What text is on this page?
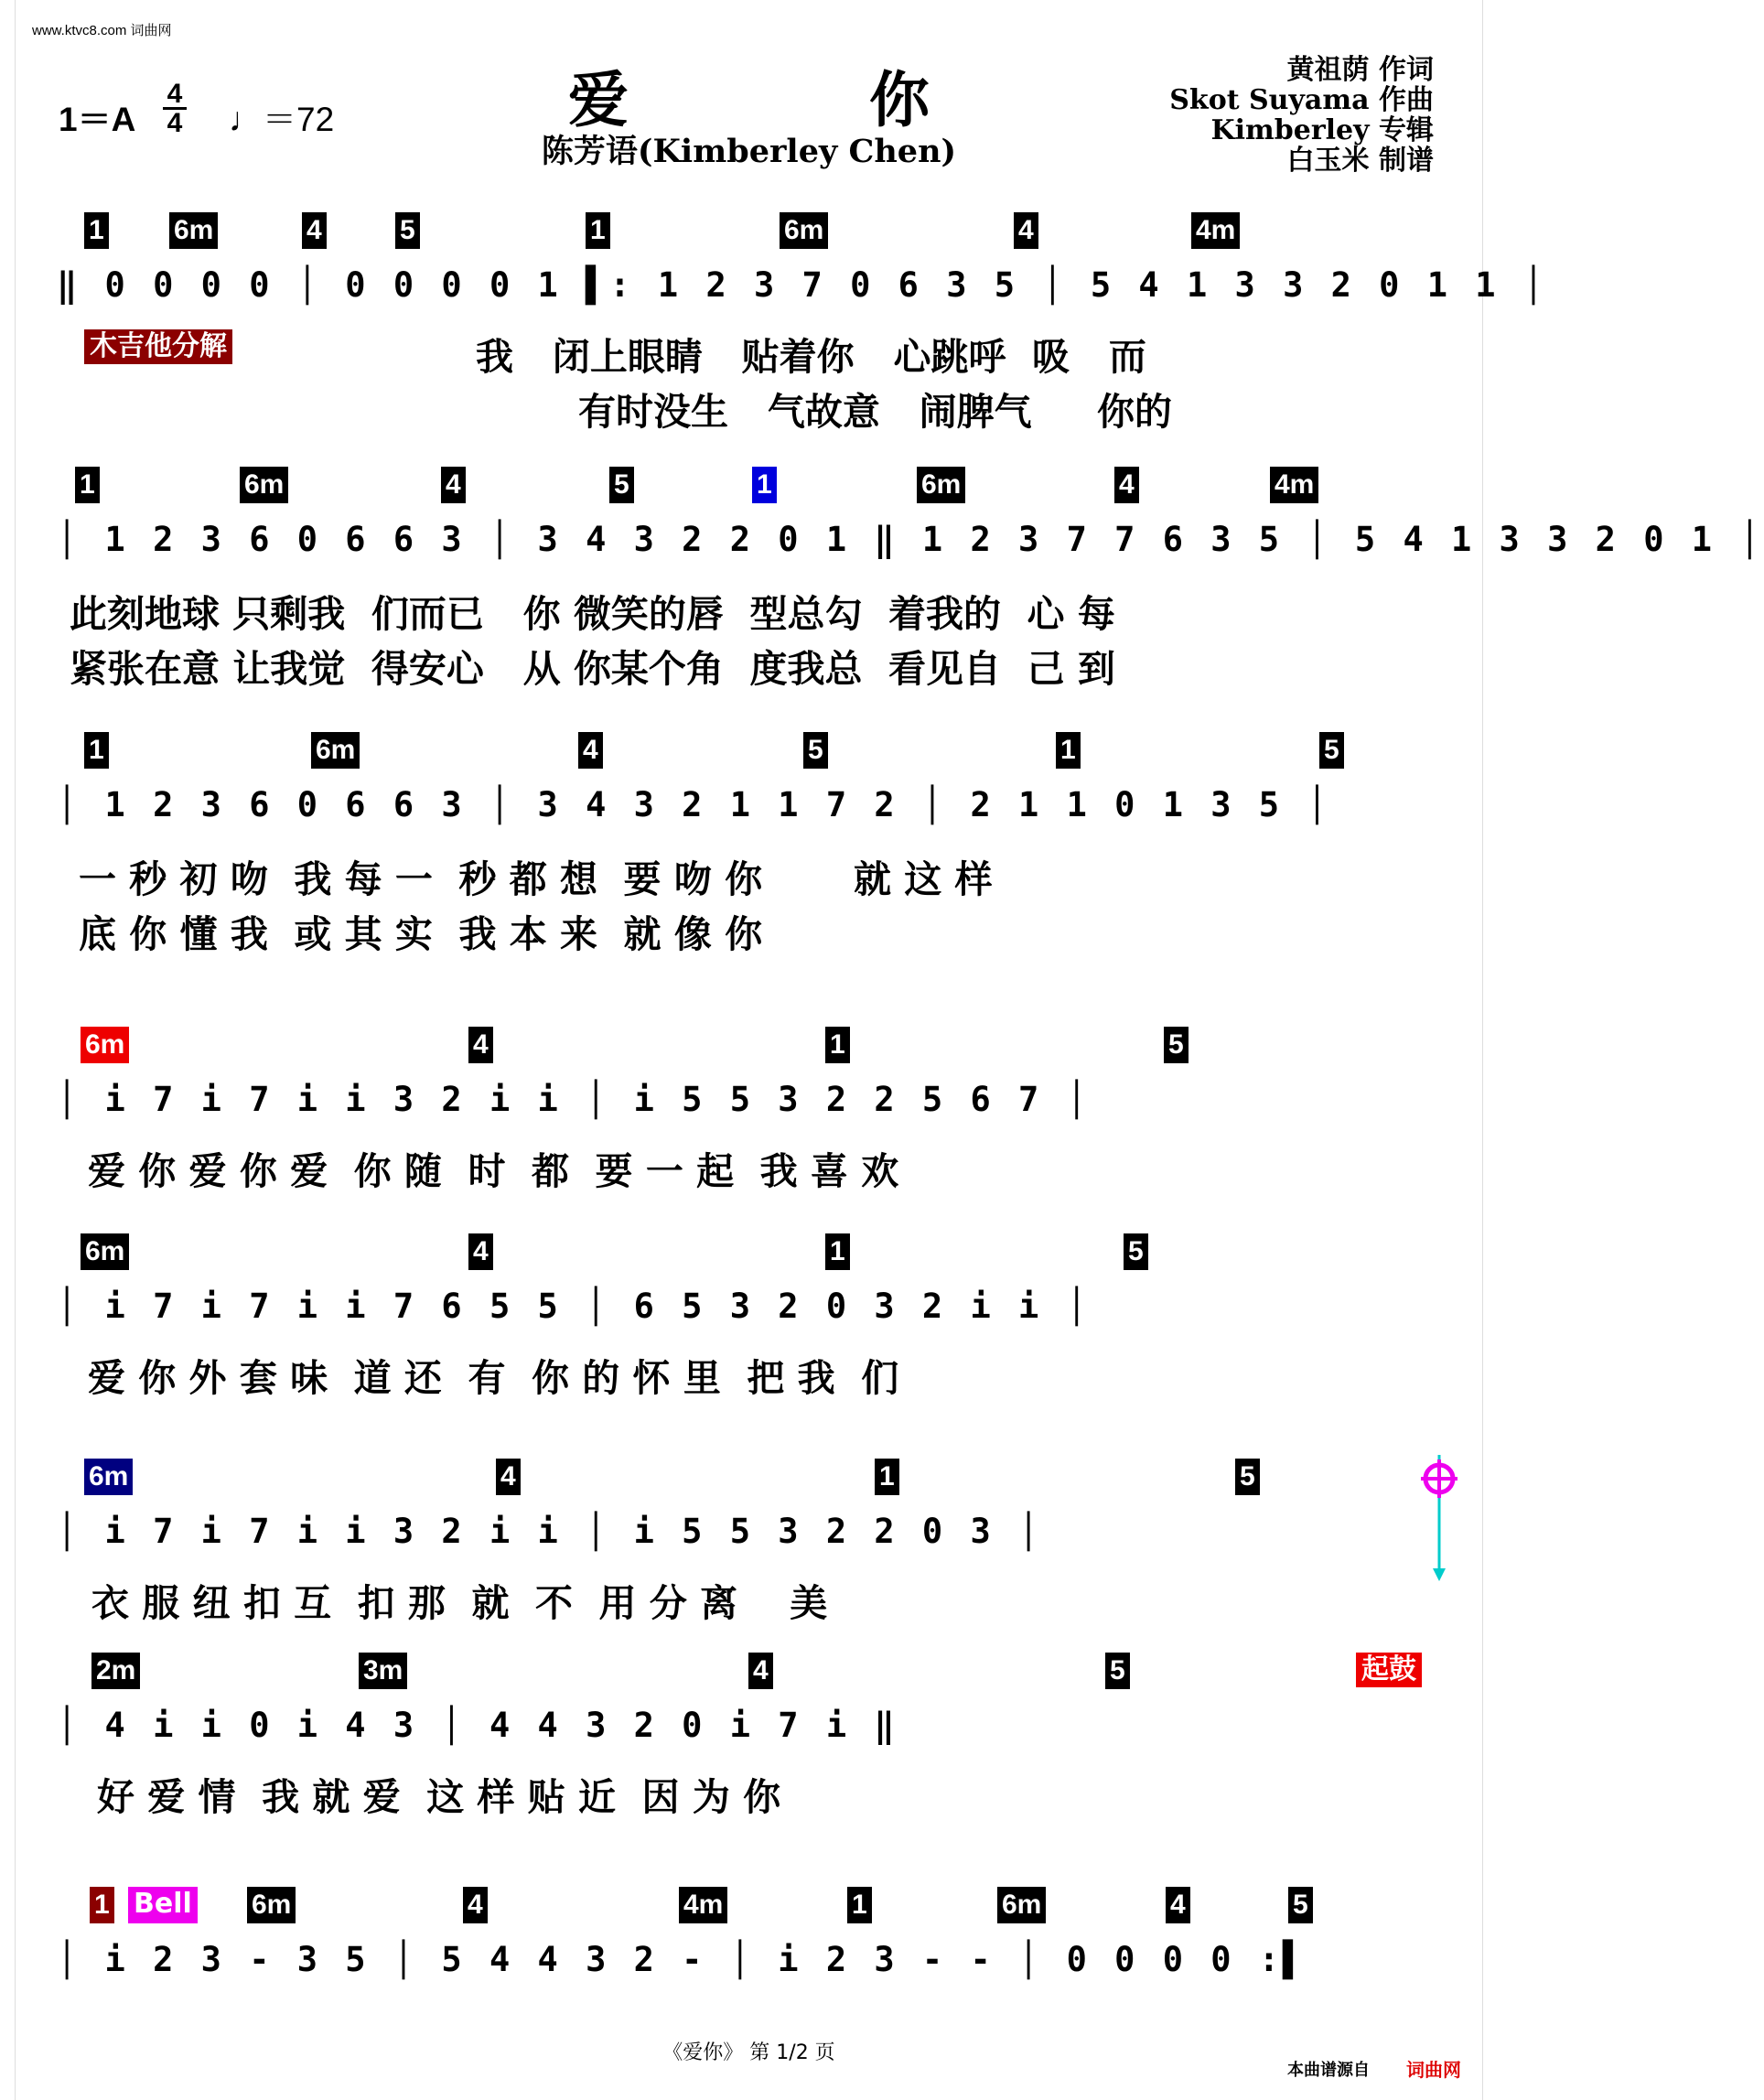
www.ktvc8.com 词曲网
爱 你
陈芳语(Kimberley Chen)
1＝A
4
4 ♩＝72
黄祖荫 作词
Skot Suyama 作曲
Kimberley 专辑
白玉米 制谱
1	6m	4	5	1	6m	4	4m
‖ 0 0 0 0 │ 0 0 0 0 1 ▌: 1 2 3 7 0 6 3 5 │ 5 4 1 3 3 2 0 1 1 │
木吉他分解	我   闭上眼睛   贴着你   心跳呼  吸   而
有时没生   气故意   闹脾气     你的
1	6m	4	5	1	6m	4	4m
│ 1 2 3 6 0 6 6 3 │ 3 4 3 2 2 0 1 ‖ 1 2 3 7 7 6 3 5 │ 5 4 1 3 3 2 0 1 │
此刻地球 只剩我  们而已   你 微笑的唇  型总勾  着我的  心 每
紧张在意 让我觉  得安心   从 你某个角  度我总  看见自  己 到
1	6m	4	5	1	5
│ 1 2 3 6 0 6 6 3 │ 3 4 3 2 1 1 7 2 │ 2 1 1 0 1 3 5 │
一 秒 初 吻  我 每 一  秒 都 想  要 吻 你       就 这 样
底 你 懂 我  或 其 实  我 本 来  就 像 你
6m	4	1	5
│ i 7 i 7 i i 3 2 i i │ i 5 5 3 2 2 5 6 7 │
爱 你 爱 你 爱  你 随  时  都  要 一 起  我 喜 欢
6m	4	1	5
│ i 7 i 7 i i 7 6 5 5 │ 6 5 3 2 0 3 2 i i │
爱 你 外 套 味  道 还  有  你 的 怀 里  把 我  们
6m	4	1	5
│ i 7 i 7 i i 3 2 i i │ i 5 5 3 2 2 0 3 │
衣 服 纽 扣 互  扣 那  就  不  用 分 离    美
2m	3m	4	5	起鼓
│ 4 i i 0 i 4 3 │ 4 4 3 2 0 i 7 i ‖
好 爱 情  我 就 爱  这 样 贴 近  因 为 你
1 Bell 6m	4	4m	1	6m	4	5
│ i 2 3 - 3 5 │ 5 4 4 3 2 - │ i 2 3 - - │ 0 0 0 0 :▌
《爱你》 第 1/2 页
本曲谱源自 词曲网
